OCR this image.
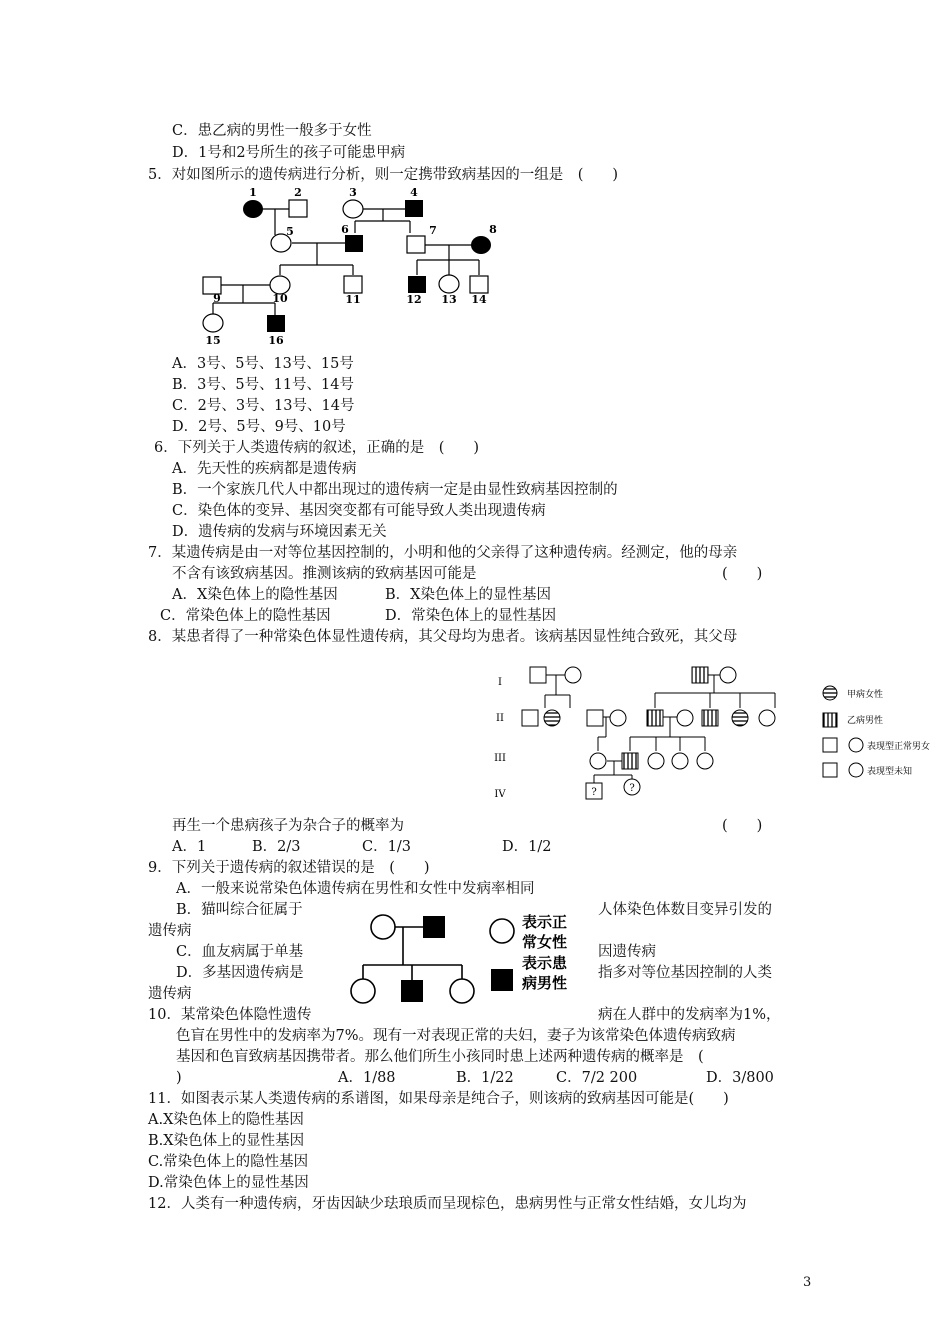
C．患乙病的男性一般多于女性
D．1号和2号所生的孩子可能患甲病
5．对如图所示的遗传病进行分析，则一定携带致病基因的一组是　(　　)
1	2	3	4
5	6	7	8
9	10	11	12 13 14
15	16
A．3号、5号、13号、15号
B．3号、5号、11号、14号
C．2号、3号、13号、14号
D．2号、5号、9号、10号
6．下列关于人类遗传病的叙述，正确的是　(　　)
A．先天性的疾病都是遗传病
B．一个家族几代人中都出现过的遗传病一定是由显性致病基因控制的
C．染色体的变异、基因突变都有可能导致人类出现遗传病
D．遗传病的发病与环境因素无关
7．某遗传病是由一对等位基因控制的，小明和他的父亲得了这种遗传病。经测定，他的母亲
不含有该致病基因。推测该病的致病基因可能是	(　　)
A．X染色体上的隐性基因	B．X染色体上的显性基因
C．常染色体上的隐性基因	D．常染色体上的显性基因
8．某患者得了一种常染色体显性遗传病，其父母均为患者。该病基因显性纯合致死，其父母
I
II
III
IV	?	?
甲病女性
乙病男性
表现型正常男女
表现型未知
再生一个患病孩子为杂合子的概率为	(　　)
A．1	B．2/3	C．1/3	D．1/2
9．下列关于遗传病的叙述错误的是　(　　)
A．一般来说常染色体遗传病在男性和女性中发病率相同
B．猫叫综合征属于	人体染色体数目变异引发的
遗传病
C．血友病属于单基	因遗传病
D．多基因遗传病是	指多对等位基因控制的人类
遗传病
表示正
常女性
表示患
病男性
10．某常染色体隐性遗传	病在人群中的发病率为1%，
色盲在男性中的发病率为7%。现有一对表现正常的夫妇，妻子为该常染色体遗传病致病
基因和色盲致病基因携带者。那么他们所生小孩同时患上述两种遗传病的概率是　(
)	A．1/88	B．1/22	C．7/2 200	D．3/800
11．如图表示某人类遗传病的系谱图，如果母亲是纯合子，则该病的致病基因可能是(　　)
A.X染色体上的隐性基因
B.X染色体上的显性基因
C.常染色体上的隐性基因
D.常染色体上的显性基因
12．人类有一种遗传病，牙齿因缺少珐琅质而呈现棕色，患病男性与正常女性结婚，女儿均为
3
